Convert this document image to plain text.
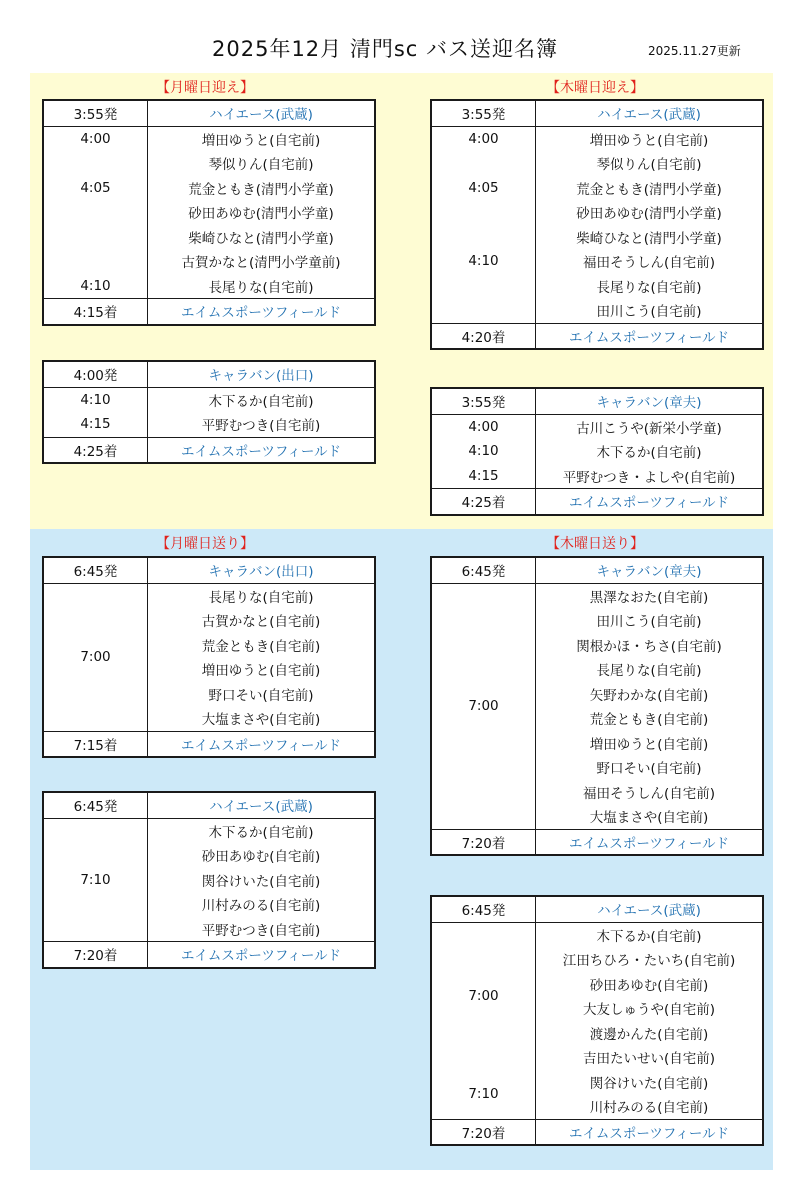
2025年12月 清門sc バス送迎名簿	2025.11.27更新
【月曜日迎え】	【木曜日迎え】
【月曜日送り】	【木曜日送り】
3:55発	ハイエース(武蔵)
4:00	増田ゆうと(自宅前)
	琴似りん(自宅前)
4:05	荒金ともき(清門小学童)
	砂田あゆむ(清門小学童)
	柴崎ひなと(清門小学童)
	古賀かなと(清門小学童前)
4:10	長尾りな(自宅前)
4:15着	エイムスポーツフィールド
4:00発	キャラバン(出口)
4:10	木下るか(自宅前)
4:15	平野むつき(自宅前)
4:25着	エイムスポーツフィールド
3:55発	ハイエース(武蔵)
4:00	増田ゆうと(自宅前)
	琴似りん(自宅前)
4:05	荒金ともき(清門小学童)
	砂田あゆむ(清門小学童)
	柴崎ひなと(清門小学童)
4:10	福田そうしん(自宅前)
	長尾りな(自宅前)
	田川こう(自宅前)
4:20着	エイムスポーツフィールド
3:55発	キャラバン(章夫)
4:00	古川こうや(新栄小学童)
4:10	木下るか(自宅前)
4:15	平野むつき・よしや(自宅前)
4:25着	エイムスポーツフィールド
6:45発	キャラバン(出口)
7:00	長尾りな(自宅前)
	古賀かなと(自宅前)
	荒金ともき(自宅前)
	増田ゆうと(自宅前)
	野口そい(自宅前)
	大塩まさや(自宅前)
7:15着	エイムスポーツフィールド
6:45発	ハイエース(武蔵)
7:10	木下るか(自宅前)
	砂田あゆむ(自宅前)
	関谷けいた(自宅前)
	川村みのる(自宅前)
	平野むつき(自宅前)
7:20着	エイムスポーツフィールド
6:45発	キャラバン(章夫)
7:00	黒澤なおた(自宅前)
	田川こう(自宅前)
	関根かほ・ちさ(自宅前)
	長尾りな(自宅前)
	矢野わかな(自宅前)
	荒金ともき(自宅前)
	増田ゆうと(自宅前)
	野口そい(自宅前)
	福田そうしん(自宅前)
	大塩まさや(自宅前)
7:20着	エイムスポーツフィールド
6:45発	ハイエース(武蔵)
7:00	木下るか(自宅前)
	江田ちひろ・たいち(自宅前)
	砂田あゆむ(自宅前)
	大友しゅうや(自宅前)
	渡邊かんた(自宅前)
	吉田たいせい(自宅前)
7:10	関谷けいた(自宅前)
	川村みのる(自宅前)
7:20着	エイムスポーツフィールド
